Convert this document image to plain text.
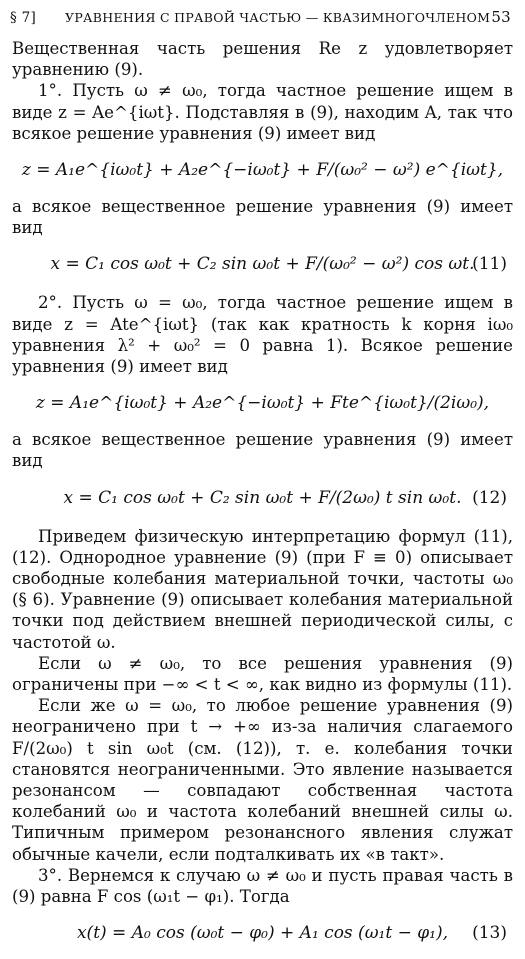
§ 7] УРАВНЕНИЯ С ПРАВОЙ ЧАСТЬЮ — КВАЗИМНОГОЧЛЕНОМ 53

Вещественная часть решения Re z удовлетворяет уравнению (9).

1°. Пусть ω ≠ ω₀, тогда частное решение ищем в виде z = Ae^{iωt}. Подставляя в (9), находим A, так что всякое решение уравнения (9) имеет вид

z = A₁e^{iω₀t} + A₂e^{−iω₀t} + F/(ω₀² − ω²) e^{iωt},

а всякое вещественное решение уравнения (9) имеет вид

x = C₁ cos ω₀t + C₂ sin ω₀t + F/(ω₀² − ω²) cos ωt.
(11)

2°. Пусть ω = ω₀, тогда частное решение ищем в виде z = Ate^{iωt} (так как кратность k корня iω₀ уравнения λ² + ω₀² = 0 равна 1). Всякое решение уравнения (9) имеет вид

z = A₁e^{iω₀t} + A₂e^{−iω₀t} + Fte^{iω₀t}/(2iω₀),

а всякое вещественное решение уравнения (9) имеет вид

x = C₁ cos ω₀t + C₂ sin ω₀t + F/(2ω₀) t sin ω₀t. (12)

Приведем физическую интерпретацию формул (11), (12). Однородное уравнение (9) (при F ≡ 0) описывает свободные колебания материальной точки, частоты ω₀ (§ 6). Уравнение (9) описывает колебания материальной точки под действием внешней периодической силы, с частотой ω.

Если ω ≠ ω₀, то все решения уравнения (9) ограничены при −∞ < t < ∞, как видно из формулы (11).

Если же ω = ω₀, то любое решение уравнения (9) неограничено при t → +∞ из-за наличия слагаемого F/(2ω₀) t sin ω₀t (см. (12)), т. е. колебания точки становятся неограниченными. Это явление называется резонансом — совпадают собственная частота колебаний ω₀ и частота колебаний внешней силы ω. Типичным примером резонансного явления служат обычные качели, если подталкивать их «в такт».

3°. Вернемся к случаю ω ≠ ω₀ и пусть правая часть в (9) равна F cos (ω₁t − φ₁). Тогда

x(t) = A₀ cos (ω₀t − φ₀) + A₁ cos (ω₁t − φ₁), (13)
